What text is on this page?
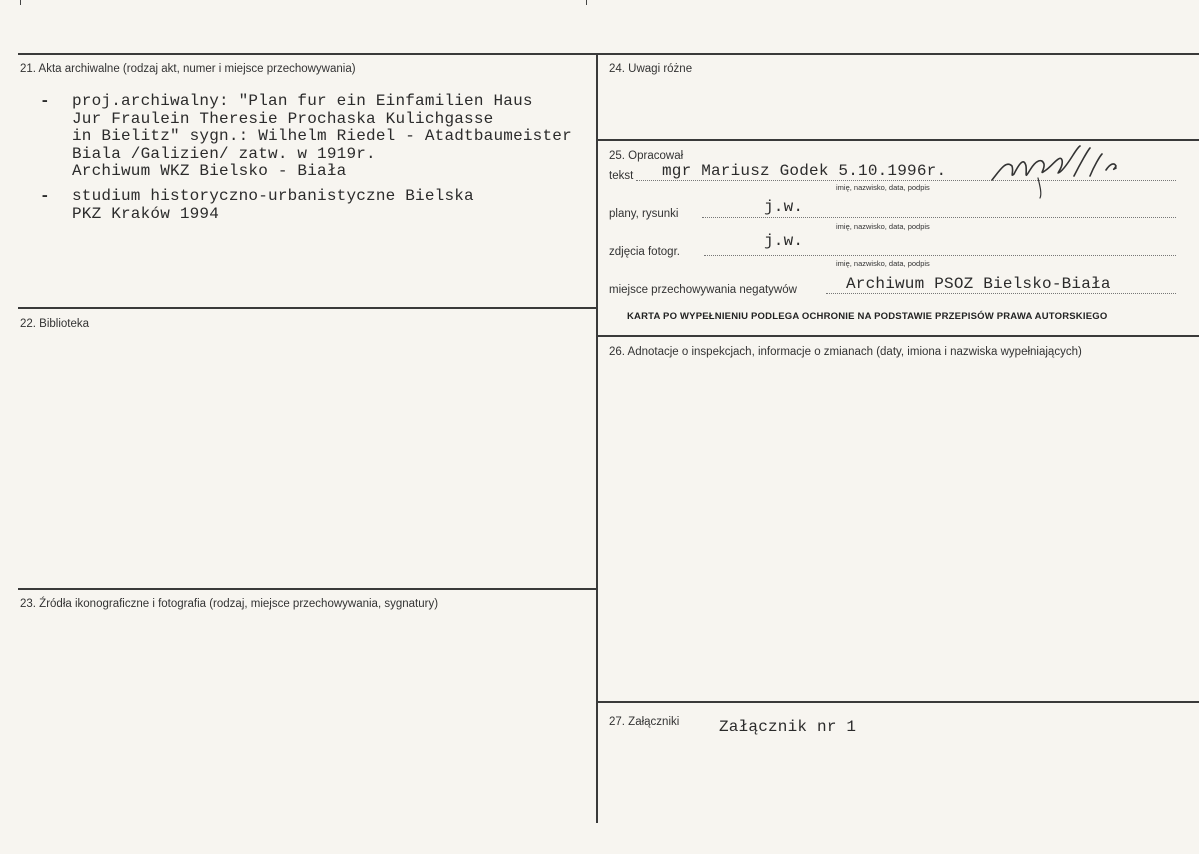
21. Akta archiwalne (rodzaj akt, numer i miejsce przechowywania)
- proj.archiwalny: "Plan fur ein Einfamilien Haus
Jur Fraulein Theresie Prochaska Kulichgasse
in Bielitz" sygn.: Wilhelm Riedel - Atadtbaumeister
Biala /Galizien/ zatw. w 1919r.
Archiwum WKZ Bielsko - Biała
- studium historyczno-urbanistyczne Bielska
PKZ Kraków 1994
22. Biblioteka
23. Źródła ikonograficzne i fotografia (rodzaj, miejsce przechowywania, sygnatury)
24. Uwagi różne
25. Opracował
tekst mgr Mariusz Godek 5.10.1996r.
imię, nazwisko, data, podpis
plany, rysunki	j.w.
imię, nazwisko, data, podpis
zdjęcia fotogr.
j.w.
imię, nazwisko, data, podpis
miejsce przechowywania negatywów	Archiwum PSOZ Bielsko-Biała
KARTA PO WYPEŁNIENIU PODLEGA OCHRONIE NA PODSTAWIE PRZEPISÓW PRAWA AUTORSKIEGO
26. Adnotacje o inspekcjach, informacje o zmianach (daty, imiona i nazwiska wypełniających)
27. Załączniki Załącznik nr 1
